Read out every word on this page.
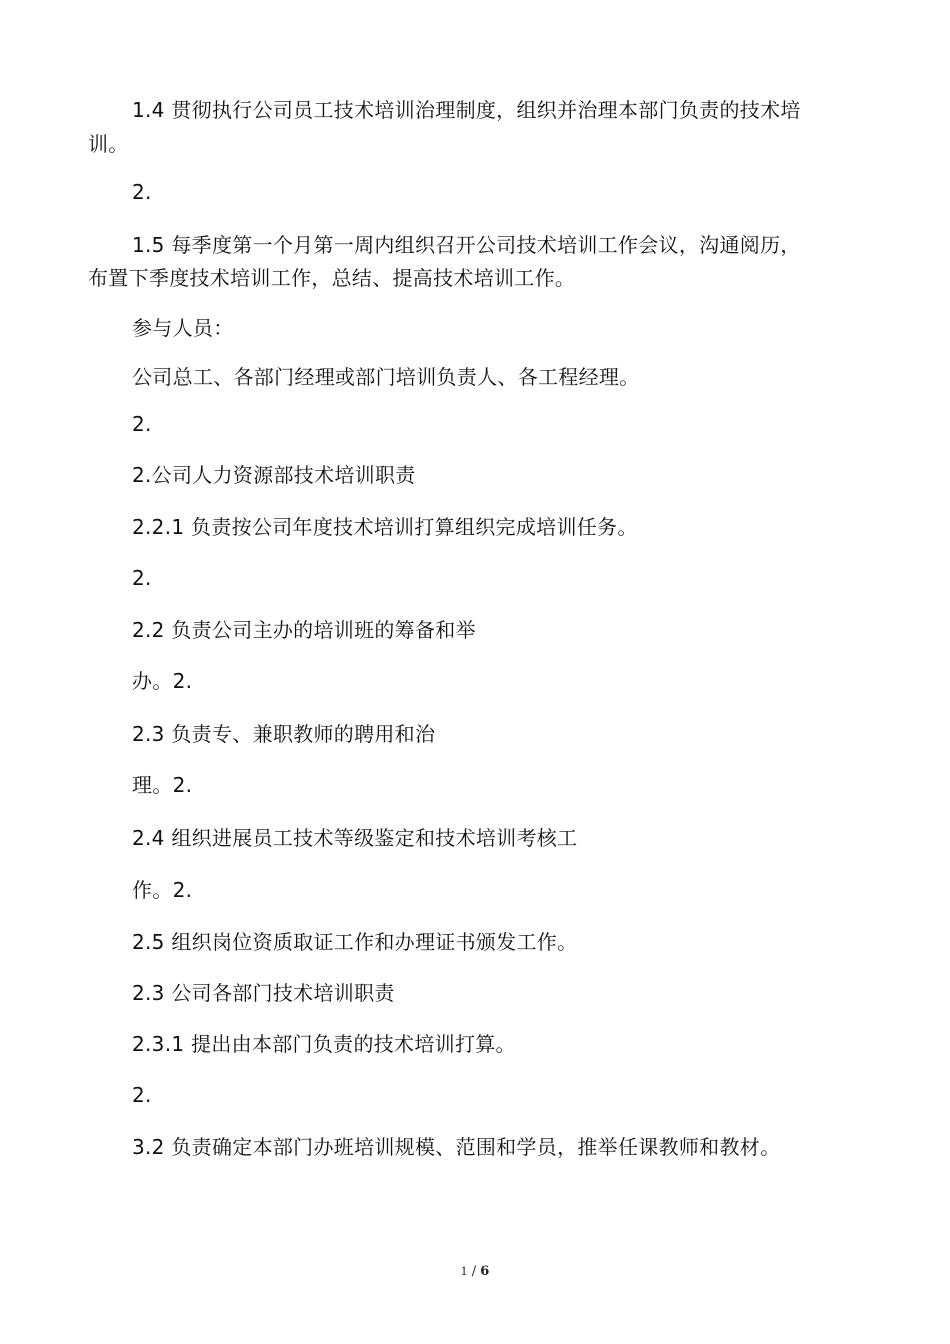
1.4 贯彻执行公司员工技术培训治理制度，组织并治理本部门负责的技术培
训。
2.
1.5 每季度第一个月第一周内组织召开公司技术培训工作会议，沟通阅历，
布置下季度技术培训工作，总结、提高技术培训工作。
参与人员：
公司总工、各部门经理或部门培训负责人、各工程经理。
2.
2.公司人力资源部技术培训职责
2.2.1 负责按公司年度技术培训打算组织完成培训任务。
2.
2.2 负责公司主办的培训班的筹备和举
办。2.
2.3 负责专、兼职教师的聘用和治
理。2.
2.4 组织进展员工技术等级鉴定和技术培训考核工
作。2.
2.5 组织岗位资质取证工作和办理证书颁发工作。
2.3 公司各部门技术培训职责
2.3.1 提出由本部门负责的技术培训打算。
2.
3.2 负责确定本部门办班培训规模、范围和学员，推举任课教师和教材。
1 / 6
